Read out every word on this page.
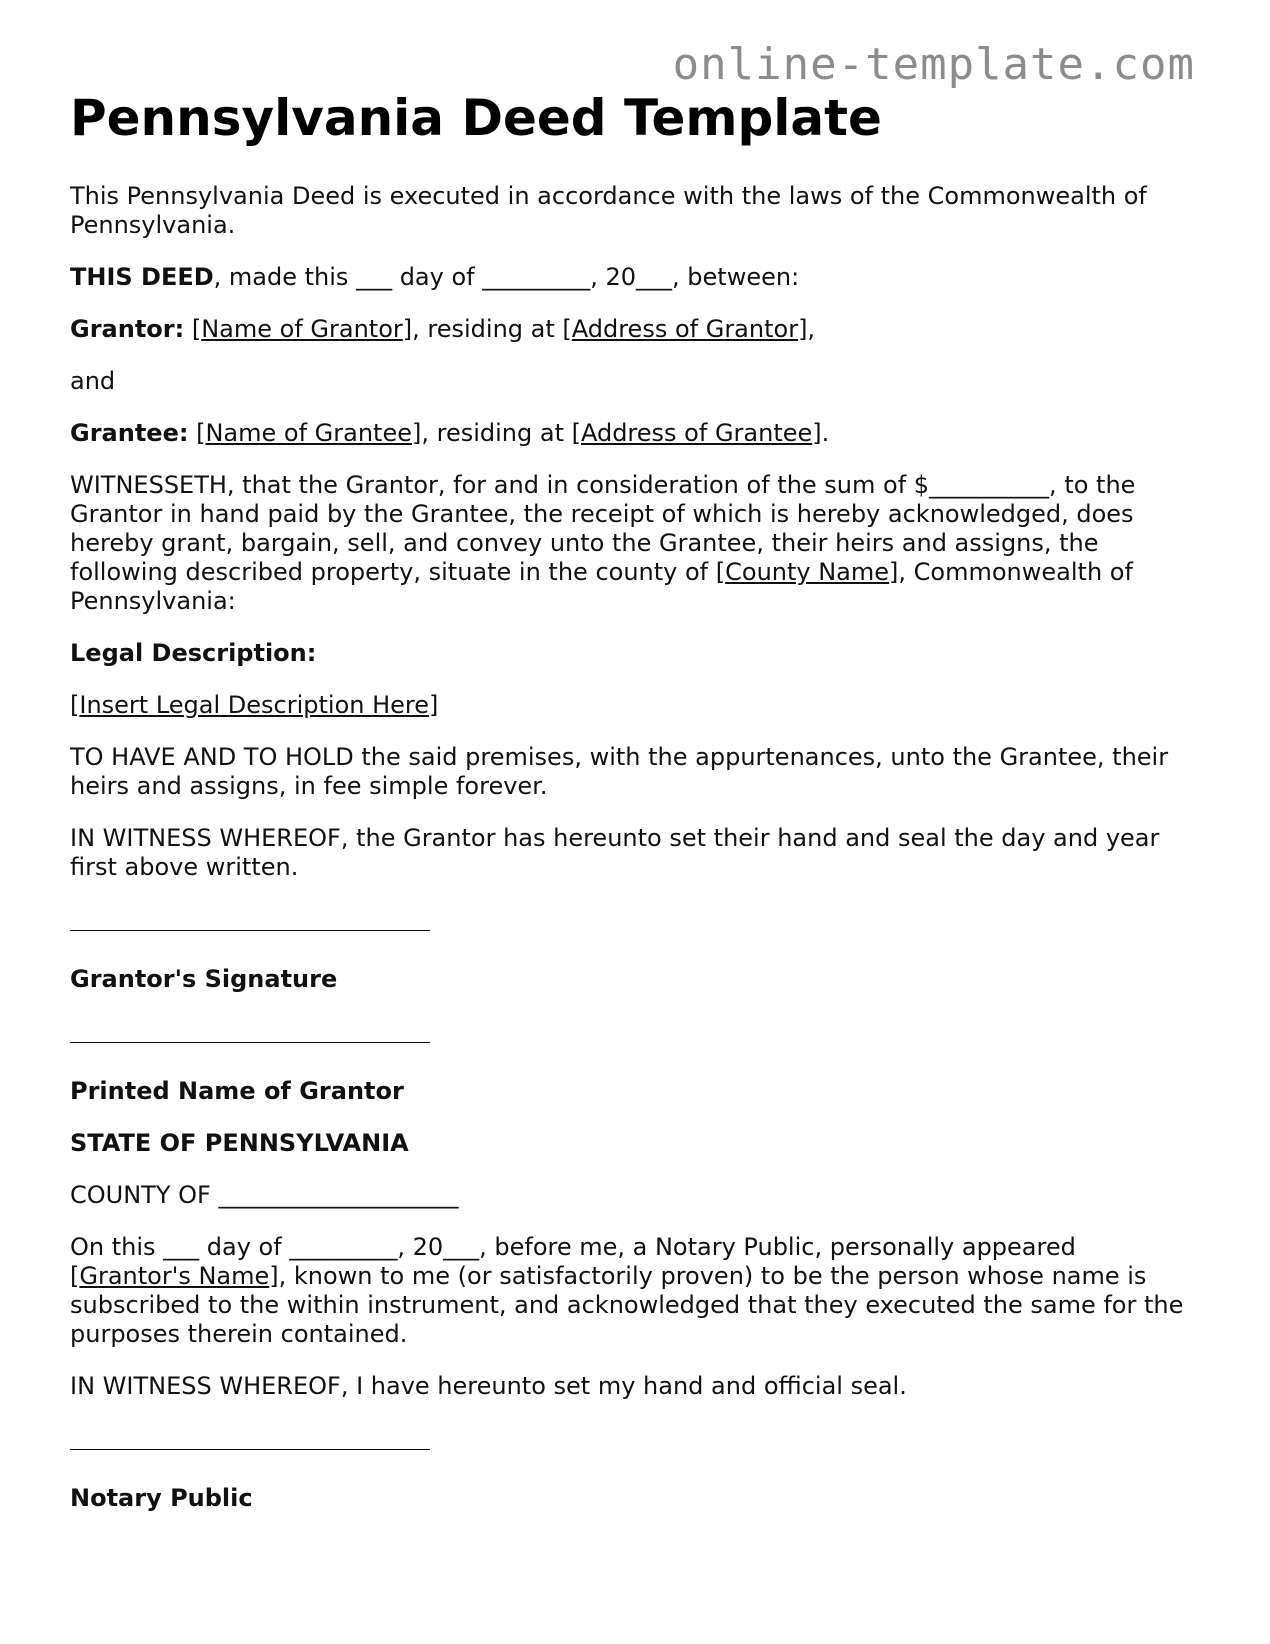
online-template.com
Pennsylvania Deed Template

This Pennsylvania Deed is executed in accordance with the laws of the Commonwealth of Pennsylvania.

THIS DEED, made this ___ day of _________, 20___, between:

Grantor: [Name of Grantor], residing at [Address of Grantor],

and

Grantee: [Name of Grantee], residing at [Address of Grantee].

WITNESSETH, that the Grantor, for and in consideration of the sum of $__________, to the Grantor in hand paid by the Grantee, the receipt of which is hereby acknowledged, does hereby grant, bargain, sell, and convey unto the Grantee, their heirs and assigns, the following described property, situate in the county of [County Name], Commonwealth of Pennsylvania:

Legal Description:

[Insert Legal Description Here]

TO HAVE AND TO HOLD the said premises, with the appurtenances, unto the Grantee, their heirs and assigns, in fee simple forever.

IN WITNESS WHEREOF, the Grantor has hereunto set their hand and seal the day and year first above written.

Grantor's Signature

Printed Name of Grantor

STATE OF PENNSYLVANIA

COUNTY OF ____________________

On this ___ day of _________, 20___, before me, a Notary Public, personally appeared [Grantor's Name], known to me (or satisfactorily proven) to be the person whose name is subscribed to the within instrument, and acknowledged that they executed the same for the purposes therein contained.

IN WITNESS WHEREOF, I have hereunto set my hand and official seal.

Notary Public
